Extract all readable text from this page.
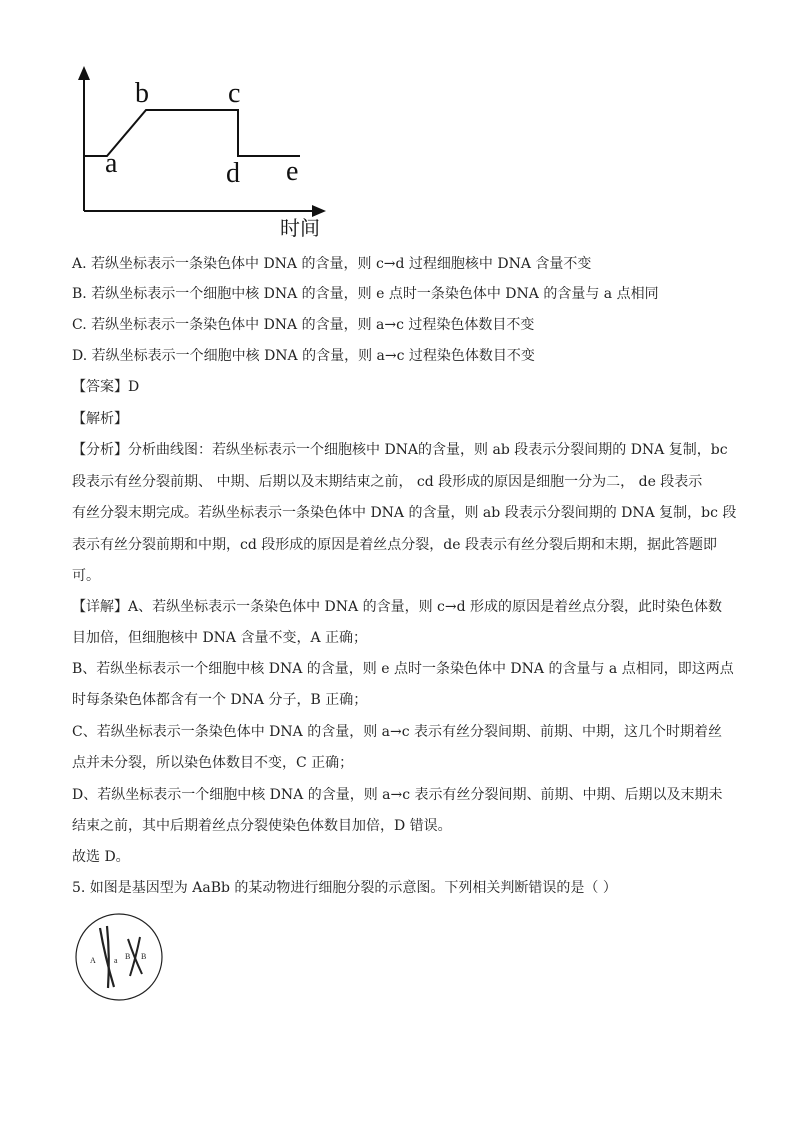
a
b	c
d e
时间
A. 若纵坐标表示一条染色体中 DNA 的含量，则 c→d 过程细胞核中 DNA 含量不变
B. 若纵坐标表示一个细胞中核 DNA 的含量，则 e 点时一条染色体中 DNA 的含量与 a 点相同
C. 若纵坐标表示一条染色体中 DNA 的含量，则 a→c 过程染色体数目不变
D. 若纵坐标表示一个细胞中核 DNA 的含量，则 a→c 过程染色体数目不变
【答案】D
【解析】
【分析】分析曲线图：若纵坐标表示一个细胞核中 DNA的含量，则 ab 段表示分裂间期的 DNA 复制，bc
段表示有丝分裂前期、 中期、后期以及末期结束之前， cd 段形成的原因是细胞一分为二， de 段表示
有丝分裂末期完成。若纵坐标表示一条染色体中 DNA 的含量，则 ab 段表示分裂间期的 DNA 复制，bc 段
表示有丝分裂前期和中期，cd 段形成的原因是着丝点分裂，de 段表示有丝分裂后期和末期，据此答题即
可。
【详解】A、若纵坐标表示一条染色体中 DNA 的含量，则 c→d 形成的原因是着丝点分裂，此时染色体数
目加倍，但细胞核中 DNA 含量不变，A 正确；
B、若纵坐标表示一个细胞中核 DNA 的含量，则 e 点时一条染色体中 DNA 的含量与 a 点相同，即这两点
时每条染色体都含有一个 DNA 分子，B 正确；
C、若纵坐标表示一条染色体中 DNA 的含量，则 a→c 表示有丝分裂间期、前期、中期，这几个时期着丝
点并未分裂，所以染色体数目不变，C 正确；
D、若纵坐标表示一个细胞中核 DNA 的含量，则 a→c 表示有丝分裂间期、前期、中期、后期以及末期未
结束之前，其中后期着丝点分裂使染色体数目加倍，D 错误。
故选 D。
5. 如图是基因型为 AaBb 的某动物进行细胞分裂的示意图。下列相关判断错误的是（ ）
A a B B
